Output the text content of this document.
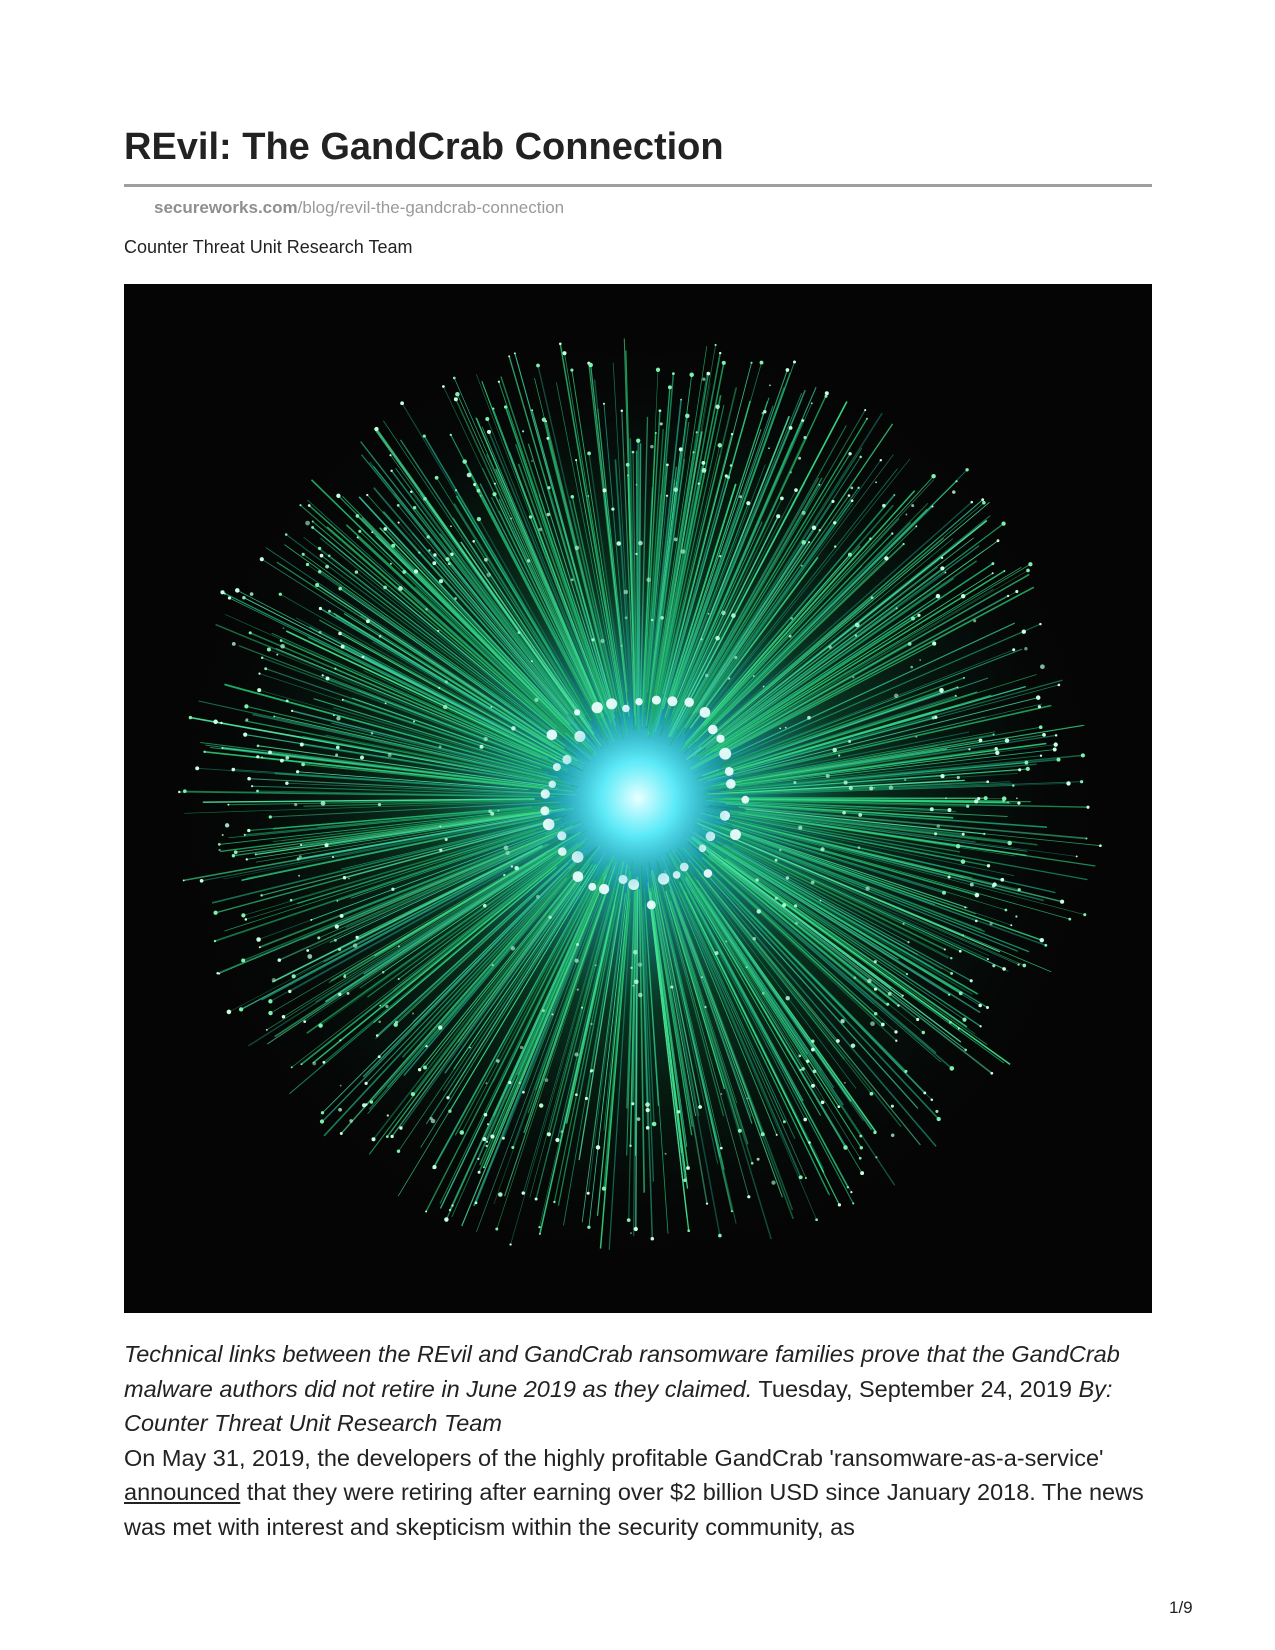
REvil: The GandCrab Connection
secureworks.com/blog/revil-the-gandcrab-connection
Counter Threat Unit Research Team

Technical links between the REvil and GandCrab ransomware families prove that the GandCrab malware authors did not retire in June 2019 as they claimed. Tuesday, September 24, 2019 By: Counter Threat Unit Research Team

On May 31, 2019, the developers of the highly profitable GandCrab 'ransomware-as-a-service' announced that they were retiring after earning over $2 billion USD since January 2018. The news was met with interest and skepticism within the security community, as

1/9
